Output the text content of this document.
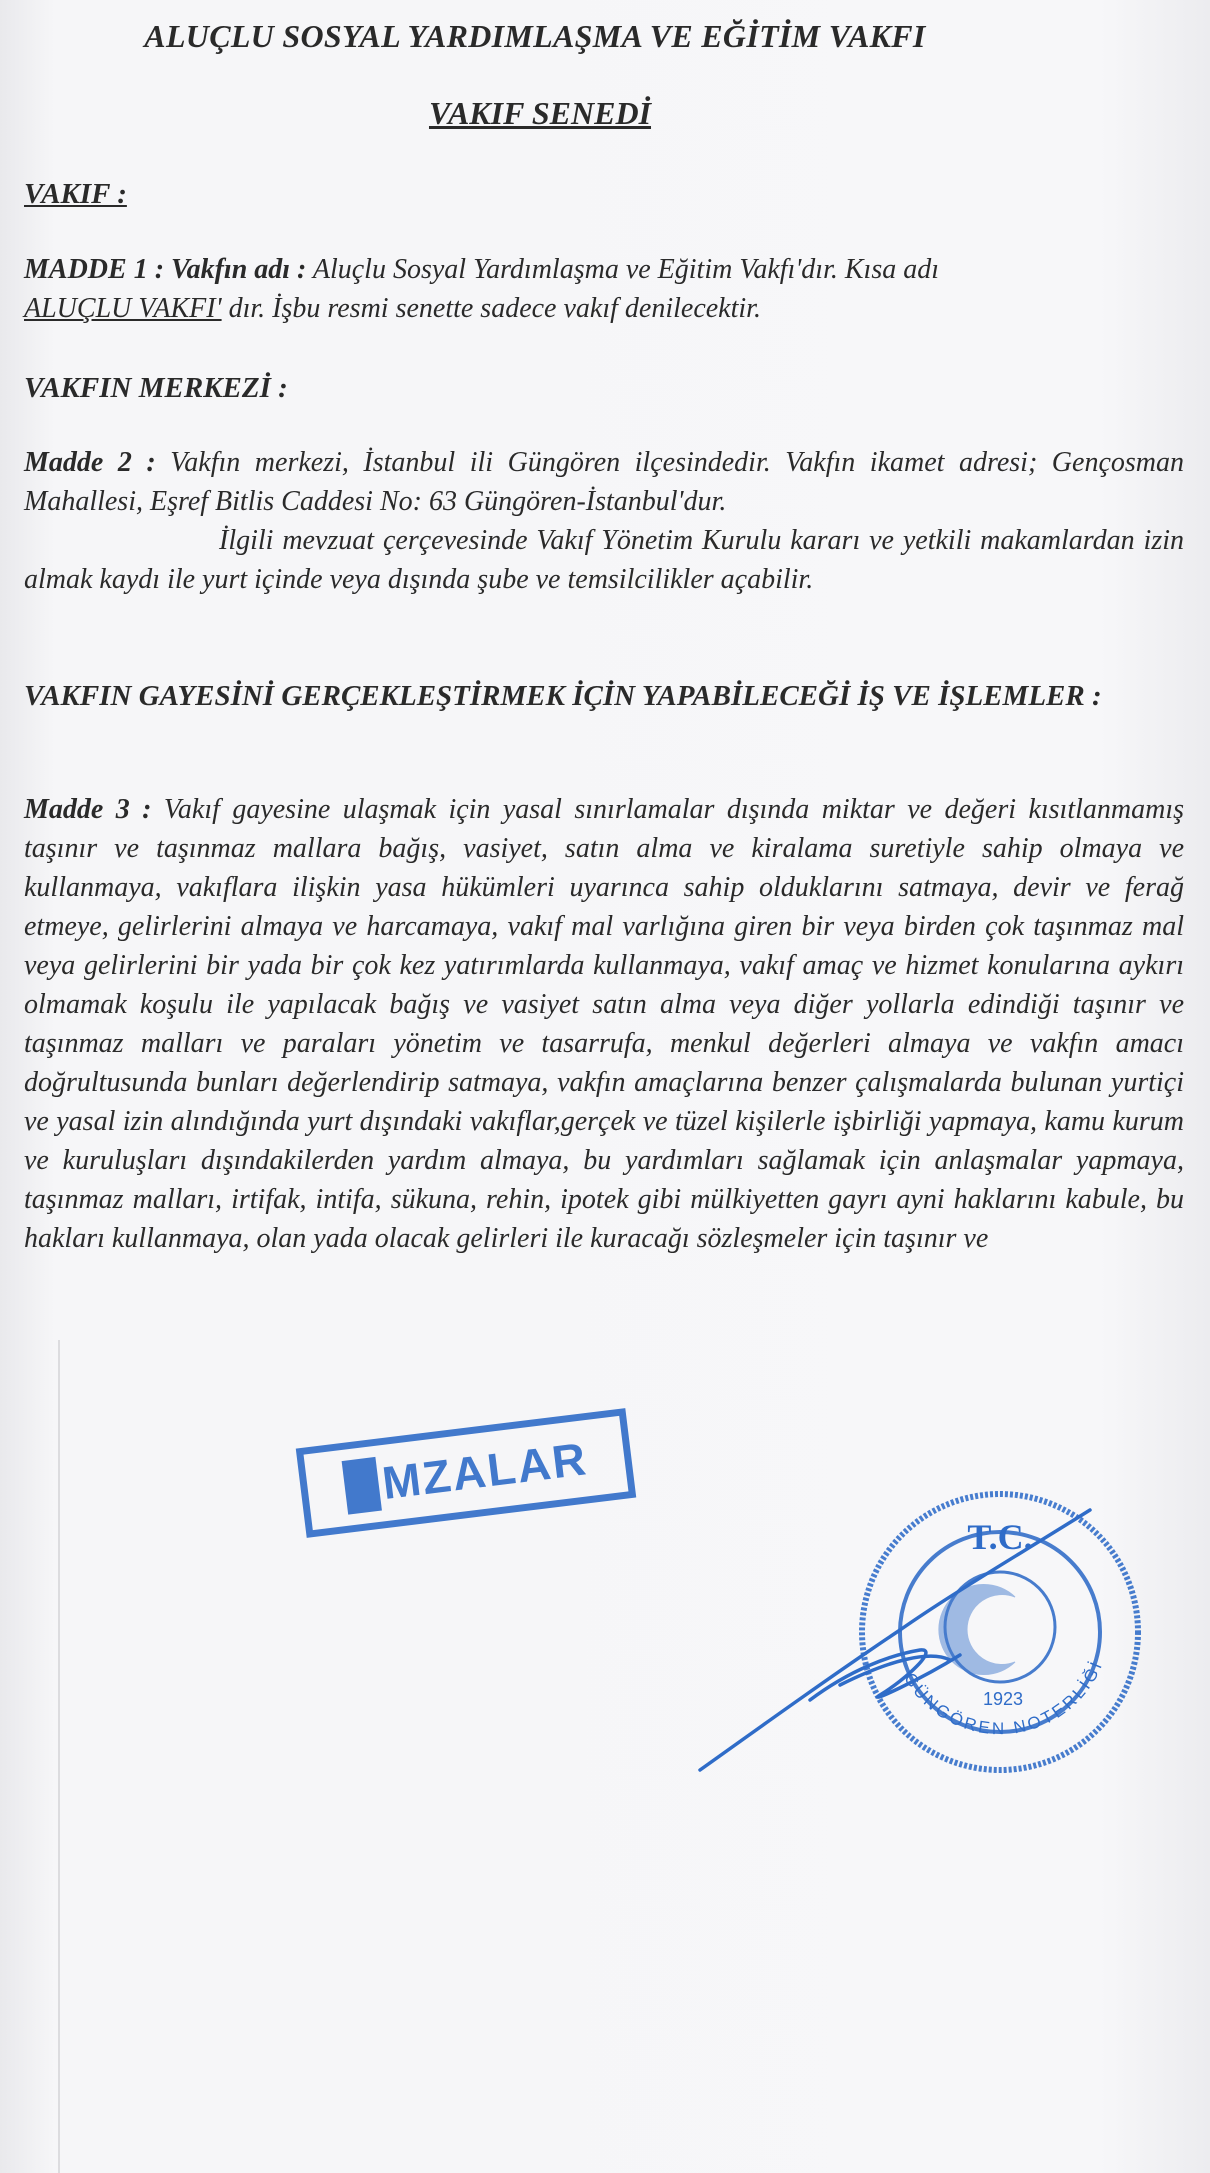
ALUÇLU SOSYAL YARDIMLAŞMA VE EĞİTİM VAKFI
VAKIF SENEDİ

VAKIF :

MADDE 1 : Vakfın adı : Aluçlu Sosyal Yardımlaşma ve Eğitim Vakfı'dır. Kısa adı
ALUÇLU VAKFI' dır. İşbu resmi senette sadece vakıf denilecektir.

VAKFIN MERKEZİ :

Madde 2 : Vakfın merkezi, İstanbul ili Güngören ilçesindedir. Vakfın ikamet adresi; Gençosman Mahallesi, Eşref Bitlis Caddesi No: 63 Güngören-İstanbul'dur.
İlgili mevzuat çerçevesinde Vakıf Yönetim Kurulu kararı ve yetkili makamlardan izin almak kaydı ile yurt içinde veya dışında şube ve temsilcilikler açabilir.

VAKFIN GAYESİNİ GERÇEKLEŞTİRMEK İÇİN YAPABİLECEĞİ İŞ VE İŞLEMLER :

Madde 3 : Vakıf gayesine ulaşmak için yasal sınırlamalar dışında miktar ve değeri kısıtlanmamış taşınır ve taşınmaz mallara bağış, vasiyet, satın alma ve kiralama suretiyle sahip olmaya ve kullanmaya, vakıflara ilişkin yasa hükümleri uyarınca sahip olduklarını satmaya, devir ve ferağ etmeye, gelirlerini almaya ve harcamaya, vakıf mal varlığına giren bir veya birden çok taşınmaz mal veya gelirlerini bir yada bir çok kez yatırımlarda kullanmaya, vakıf amaç ve hizmet konularına aykırı olmamak koşulu ile yapılacak bağış ve vasiyet satın alma veya diğer yollarla edindiği taşınır ve taşınmaz malları ve paraları yönetim ve tasarrufa, menkul değerleri almaya ve vakfın amacı doğrultusunda bunları değerlendirip satmaya, vakfın amaçlarına benzer çalışmalarda bulunan yurtiçi ve yasal izin alındığında yurt dışındaki vakıflar,gerçek ve tüzel kişilerle işbirliği yapmaya, kamu kurum ve kuruluşları dışındakilerden yardım almaya, bu yardımları sağlamak için anlaşmalar yapmaya, taşınmaz malları, irtifak, intifa, sükuna, rehin, ipotek gibi mülkiyetten gayrı ayni haklarını kabule, bu hakları kullanmaya, olan yada olacak gelirleri ile kuracağı sözleşmeler için taşınır ve

MZALAR
T.C.
1923
GÜNGÖREN NOTERLİĞİ
